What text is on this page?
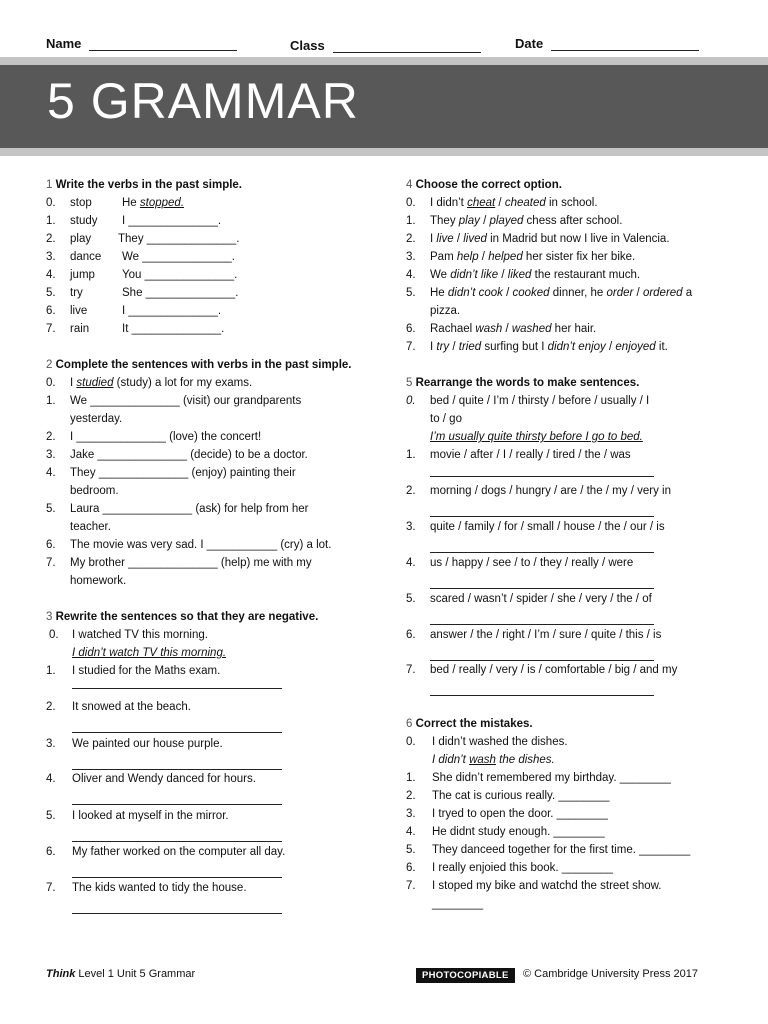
Name	Class	Date
5 GRAMMAR
1 Write the verbs in the past simple.
0. stop	He stopped.
1. study I ______________.
2. play They ______________.
3. dance We ______________.
4. jump You ______________.
5. try	She ______________.
6. live	I ______________.
7. rain	It ______________.
2 Complete the sentences with verbs in the past simple.
0. I studied (study) a lot for my exams.
1. We ______________ (visit) our grandparents
yesterday.
2. I ______________ (love) the concert!
3. Jake ______________ (decide) to be a doctor.
4. They ______________ (enjoy) painting their
bedroom.
5. Laura ______________ (ask) for help from her
teacher.
6. The movie was very sad. I ___________ (cry) a lot.
7. My brother ______________ (help) me with my
homework.
3 Rewrite the sentences so that they are negative.
0. I watched TV this morning.
I didn’t watch TV this morning.
1. I studied for the Maths exam.
2. It snowed at the beach.
3. We painted our house purple.
4. Oliver and Wendy danced for hours.
5. I looked at myself in the mirror.
6. My father worked on the computer all day.
7. The kids wanted to tidy the house.
4 Choose the correct option.
0. I didn’t cheat / cheated in school.
1. They play / played chess after school.
2. I live / lived in Madrid but now I live in Valencia.
3. Pam help / helped her sister fix her bike.
4. We didn’t like / liked the restaurant much.
5. He didn’t cook / cooked dinner, he order / ordered a
pizza.
6. Rachael wash / washed her hair.
7. I try / tried surfing but I didn’t enjoy / enjoyed it.
5 Rearrange the words to make sentences.
0. bed / quite / I’m / thirsty / before / usually / I
to / go
I’m usually quite thirsty before I go to bed.
1. movie / after / I / really / tired / the / was
2. morning / dogs / hungry / are / the / my / very in
3. quite / family / for / small / house / the / our / is
4. us / happy / see / to / they / really / were
5. scared / wasn’t / spider / she / very / the / of
6. answer / the / right / I’m / sure / quite / this / is
7. bed / really / very / is / comfortable / big / and my
6 Correct the mistakes.
0. I didn’t washed the dishes.
I didn’t wash the dishes.
1. She didn’t remembered my birthday. ________
2. The cat is curious really. ________
3. I tryed to open the door. ________
4. He didnt study enough. ________
5. They danceed together for the first time. ________
6. I really enjoied this book. ________
7. I stoped my bike and watchd the street show.
________
Think Level 1 Unit 5 Grammar	PHOTOCOPIABLE	© Cambridge University Press 2017
